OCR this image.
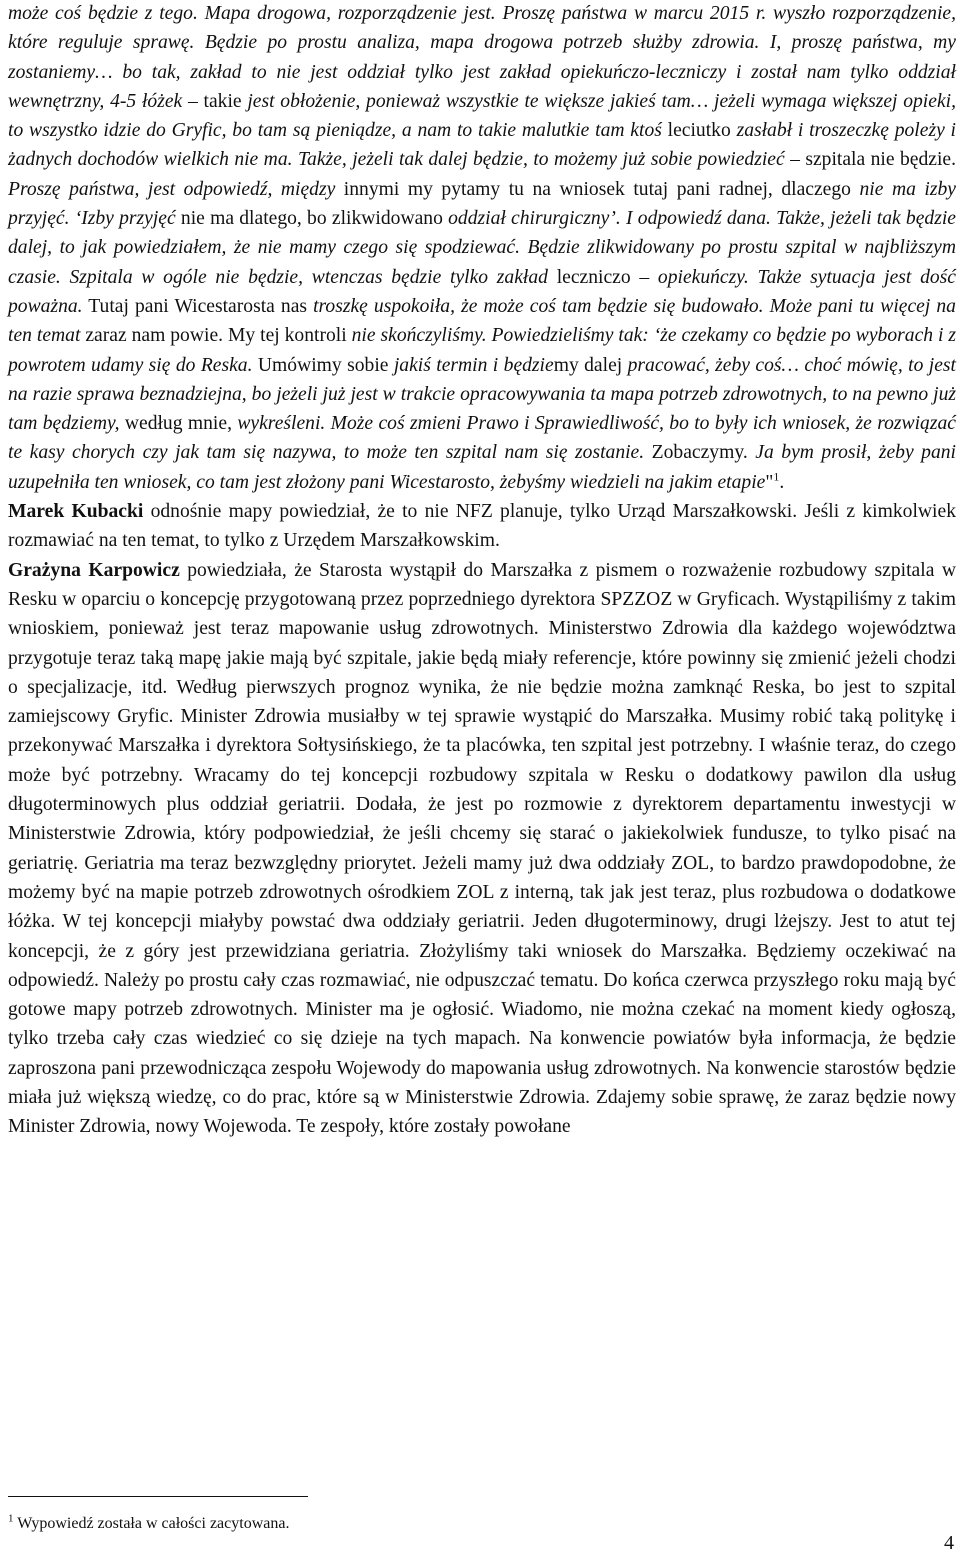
może coś będzie z tego. Mapa drogowa, rozporządzenie jest. Proszę państwa w marcu 2015 r. wyszło rozporządzenie, które reguluje sprawę. Będzie po prostu analiza, mapa drogowa potrzeb służby zdrowia. I, proszę państwa, my zostaniemy… bo tak, zakład to nie jest oddział tylko jest zakład opiekuńczo-leczniczy i został nam tylko oddział wewnętrzny, 4-5 łóżek – takie jest obłożenie, ponieważ wszystkie te większe jakieś tam… jeżeli wymaga większej opieki, to wszystko idzie do Gryfic, bo tam są pieniądze, a nam to takie malutkie tam ktoś leciutko zasłabł i troszeczkę poleży i żadnych dochodów wielkich nie ma. Także, jeżeli tak dalej będzie, to możemy już sobie powiedzieć – szpitala nie będzie. Proszę państwa, jest odpowiedź, między innymi my pytamy tu na wniosek tutaj pani radnej, dlaczego nie ma izby przyjęć. ‘Izby przyjęć nie ma dlatego, bo zlikwidowano oddział chirurgiczny’. I odpowiedź dana. Także, jeżeli tak będzie dalej, to jak powiedziałem, że nie mamy czego się spodziewać. Będzie zlikwidowany po prostu szpital w najbliższym czasie. Szpitala w ogóle nie będzie, wtenczas będzie tylko zakład leczniczo – opiekuńczy. Także sytuacja jest dość poważna. Tutaj pani Wicestarosta nas troszkę uspokoiła, że może coś tam będzie się budowało. Może pani tu więcej na ten temat zaraz nam powie. My tej kontroli nie skończyliśmy. Powiedzieliśmy tak: ‘że czekamy co będzie po wyborach i z powrotem udamy się do Reska. Umówimy sobie jakiś termin i będziemy dalej pracować, żeby coś… choć mówię, to jest na razie sprawa beznadziejna, bo jeżeli już jest w trakcie opracowywania ta mapa potrzeb zdrowotnych, to na pewno już tam będziemy, według mnie, wykreśleni. Może coś zmieni Prawo i Sprawiedliwość, bo to były ich wniosek, że rozwiązać te kasy chorych czy jak tam się nazywa, to może ten szpital nam się zostanie. Zobaczymy. Ja bym prosił, żeby pani uzupełniła ten wniosek, co tam jest złożony pani Wicestarosto, żebyśmy wiedzieli na jakim etapie"$^1$.

Marek Kubacki odnośnie mapy powiedział, że to nie NFZ planuje, tylko Urząd Marszałkowski. Jeśli z kimkolwiek rozmawiać na ten temat, to tylko z Urzędem Marszałkowskim.

Grażyna Karpowicz powiedziała, że Starosta wystąpił do Marszałka z pismem o rozważenie rozbudowy szpitala w Resku w oparciu o koncepcję przygotowaną przez poprzedniego dyrektora SPZZOZ w Gryficach. Wystąpiliśmy z takim wnioskiem, ponieważ jest teraz mapowanie usług zdrowotnych. Ministerstwo Zdrowia dla każdego województwa przygotuje teraz taką mapę jakie mają być szpitale, jakie będą miały referencje, które powinny się zmienić jeżeli chodzi o specjalizacje, itd. Według pierwszych prognoz wynika, że nie będzie można zamknąć Reska, bo jest to szpital zamiejscowy Gryfic. Minister Zdrowia musiałby w tej sprawie wystąpić do Marszałka. Musimy robić taką politykę i przekonywać Marszałka i dyrektora Sołtysińskiego, że ta placówka, ten szpital jest potrzebny. I właśnie teraz, do czego może być potrzebny. Wracamy do tej koncepcji rozbudowy szpitala w Resku o dodatkowy pawilon dla usług długoterminowych plus oddział geriatrii. Dodała, że jest po rozmowie z dyrektorem departamentu inwestycji w Ministerstwie Zdrowia, który podpowiedział, że jeśli chcemy się starać o jakiekolwiek fundusze, to tylko pisać na geriatrię. Geriatria ma teraz bezwzględny priorytet. Jeżeli mamy już dwa oddziały ZOL, to bardzo prawdopodobne, że możemy być na mapie potrzeb zdrowotnych ośrodkiem ZOL z interną, tak jak jest teraz, plus rozbudowa o dodatkowe łóżka. W tej koncepcji miałyby powstać dwa oddziały geriatrii. Jeden długoterminowy, drugi lżejszy. Jest to atut tej koncepcji, że z góry jest przewidziana geriatria. Złożyliśmy taki wniosek do Marszałka. Będziemy oczekiwać na odpowiedź. Należy po prostu cały czas rozmawiać, nie odpuszczać tematu. Do końca czerwca przyszłego roku mają być gotowe mapy potrzeb zdrowotnych. Minister ma je ogłosić. Wiadomo, nie można czekać na moment kiedy ogłoszą, tylko trzeba cały czas wiedzieć co się dzieje na tych mapach. Na konwencie powiatów była informacja, że będzie zaproszona pani przewodnicząca zespołu Wojewody do mapowania usług zdrowotnych. Na konwencie starostów będzie miała już większą wiedzę, co do prac, które są w Ministerstwie Zdrowia. Zdajemy sobie sprawę, że zaraz będzie nowy Minister Zdrowia, nowy Wojewoda. Te zespoły, które zostały powołane

$^1$ Wypowiedź została w całości zacytowana.
4
